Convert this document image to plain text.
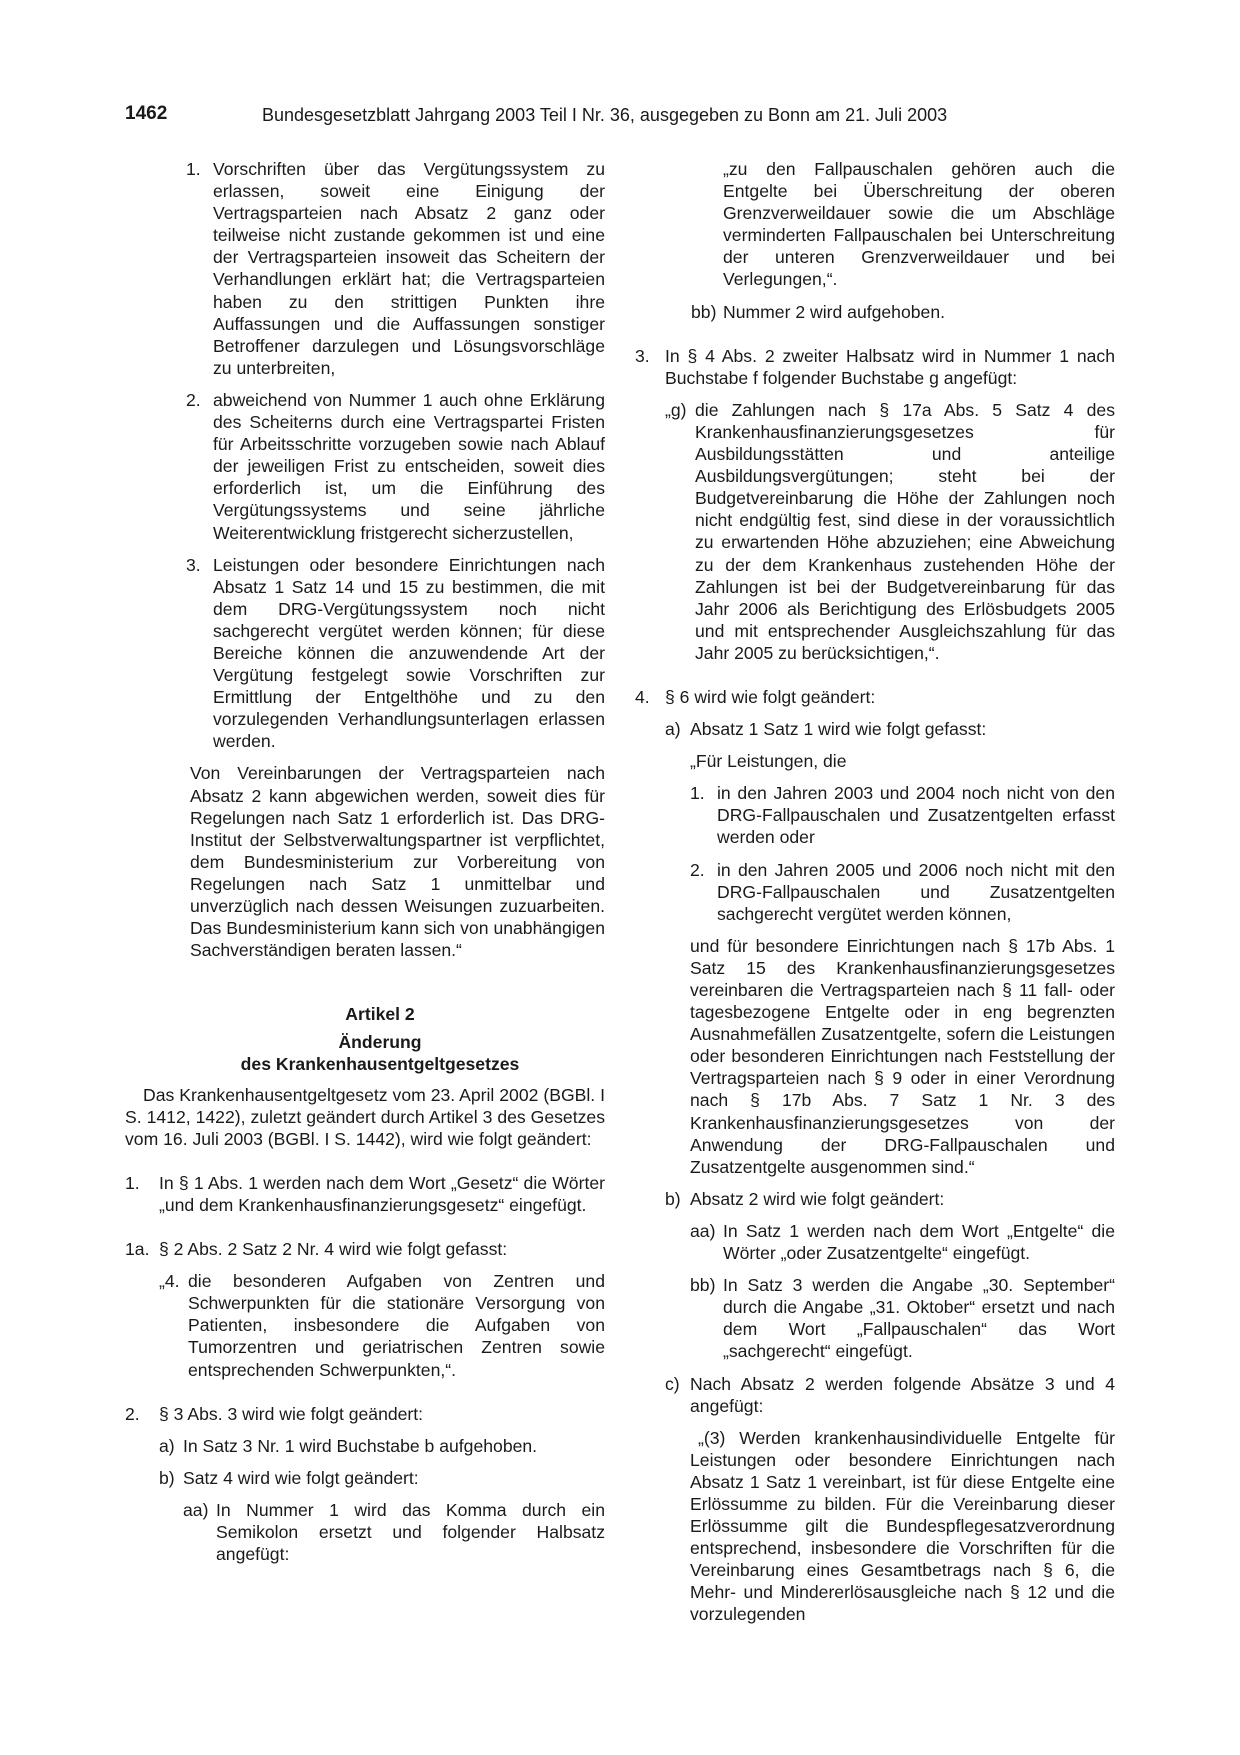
1462	Bundesgesetzblatt Jahrgang 2003 Teil I Nr. 36, ausgegeben zu Bonn am 21. Juli 2003
1. Vorschriften über das Vergütungssystem zu erlassen, soweit eine Einigung der Vertragsparteien nach Absatz 2 ganz oder teilweise nicht zustande gekommen ist und eine der Vertragsparteien insoweit das Scheitern der Verhandlungen erklärt hat; die Vertragsparteien haben zu den strittigen Punkten ihre Auffassungen und die Auffassungen sonstiger Betroffener darzulegen und Lösungsvorschläge zu unterbreiten,
2. abweichend von Nummer 1 auch ohne Erklärung des Scheiterns durch eine Vertragspartei Fristen für Arbeitsschritte vorzugeben sowie nach Ablauf der jeweiligen Frist zu entscheiden, soweit dies erforderlich ist, um die Einführung des Vergütungssystems und seine jährliche Weiterentwicklung fristgerecht sicherzustellen,
3. Leistungen oder besondere Einrichtungen nach Absatz 1 Satz 14 und 15 zu bestimmen, die mit dem DRG-Vergütungssystem noch nicht sachgerecht vergütet werden können; für diese Bereiche können die anzuwendende Art der Vergütung festgelegt sowie Vorschriften zur Ermittlung der Entgelthöhe und zu den vorzulegenden Verhandlungsunterlagen erlassen werden.
Von Vereinbarungen der Vertragsparteien nach Absatz 2 kann abgewichen werden, soweit dies für Regelungen nach Satz 1 erforderlich ist. Das DRG-Institut der Selbstverwaltungspartner ist verpflichtet, dem Bundesministerium zur Vorbereitung von Regelungen nach Satz 1 unmittelbar und unverzüglich nach dessen Weisungen zuzuarbeiten. Das Bundesministerium kann sich von unabhängigen Sachverständigen beraten lassen.“
Artikel 2
Änderung
des Krankenhausentgeltgesetzes
Das Krankenhausentgeltgesetz vom 23. April 2002 (BGBl. I S. 1412, 1422), zuletzt geändert durch Artikel 3 des Gesetzes vom 16. Juli 2003 (BGBl. I S. 1442), wird wie folgt geändert:
1.	In § 1 Abs. 1 werden nach dem Wort „Gesetz“ die Wörter „und dem Krankenhausfinanzierungsgesetz“ eingefügt.
1a. § 2 Abs. 2 Satz 2 Nr. 4 wird wie folgt gefasst:
„4. die besonderen Aufgaben von Zentren und Schwerpunkten für die stationäre Versorgung von Patienten, insbesondere die Aufgaben von Tumorzentren und geriatrischen Zentren sowie entsprechenden Schwerpunkten,“.
2.	§ 3 Abs. 3 wird wie folgt geändert:
a) In Satz 3 Nr. 1 wird Buchstabe b aufgehoben.
b) Satz 4 wird wie folgt geändert:
aa) In Nummer 1 wird das Komma durch ein Semikolon ersetzt und folgender Halbsatz angefügt:
„zu den Fallpauschalen gehören auch die Entgelte bei Überschreitung der oberen Grenzverweildauer sowie die um Abschläge verminderten Fallpauschalen bei Unterschreitung der unteren Grenzverweildauer und bei Verlegungen,“.
bb) Nummer 2 wird aufgehoben.
3. In § 4 Abs. 2 zweiter Halbsatz wird in Nummer 1 nach Buchstabe f folgender Buchstabe g angefügt:
„g) die Zahlungen nach § 17a Abs. 5 Satz 4 des Krankenhausfinanzierungsgesetzes für Ausbildungsstätten und anteilige Ausbildungsvergütungen; steht bei der Budgetvereinbarung die Höhe der Zahlungen noch nicht endgültig fest, sind diese in der voraussichtlich zu erwartenden Höhe abzuziehen; eine Abweichung zu der dem Krankenhaus zustehenden Höhe der Zahlungen ist bei der Budgetvereinbarung für das Jahr 2006 als Berichtigung des Erlösbudgets 2005 und mit entsprechender Ausgleichszahlung für das Jahr 2005 zu berücksichtigen,“.
4. § 6 wird wie folgt geändert:
a) Absatz 1 Satz 1 wird wie folgt gefasst:
„Für Leistungen, die
1. in den Jahren 2003 und 2004 noch nicht von den DRG-Fallpauschalen und Zusatzentgelten erfasst werden oder
2. in den Jahren 2005 und 2006 noch nicht mit den DRG-Fallpauschalen und Zusatzentgelten sachgerecht vergütet werden können,
und für besondere Einrichtungen nach § 17b Abs. 1 Satz 15 des Krankenhausfinanzierungsgesetzes vereinbaren die Vertragsparteien nach § 11 fall- oder tagesbezogene Entgelte oder in eng begrenzten Ausnahmefällen Zusatzentgelte, sofern die Leistungen oder besonderen Einrichtungen nach Feststellung der Vertragsparteien nach § 9 oder in einer Verordnung nach § 17b Abs. 7 Satz 1 Nr. 3 des Krankenhausfinanzierungsgesetzes von der Anwendung der DRG-Fallpauschalen und Zusatzentgelte ausgenommen sind.“
b) Absatz 2 wird wie folgt geändert:
aa) In Satz 1 werden nach dem Wort „Entgelte“ die Wörter „oder Zusatzentgelte“ eingefügt.
bb) In Satz 3 werden die Angabe „30. September“ durch die Angabe „31. Oktober“ ersetzt und nach dem Wort „Fallpauschalen“ das Wort „sachgerecht“ eingefügt.
c) Nach Absatz 2 werden folgende Absätze 3 und 4 angefügt:
„(3) Werden krankenhausindividuelle Entgelte für Leistungen oder besondere Einrichtungen nach Absatz 1 Satz 1 vereinbart, ist für diese Entgelte eine Erlössumme zu bilden. Für die Vereinbarung dieser Erlössumme gilt die Bundespflegesatzverordnung entsprechend, insbesondere die Vorschriften für die Vereinbarung eines Gesamtbetrags nach § 6, die Mehr- und Mindererlösausgleiche nach § 12 und die vorzulegenden
